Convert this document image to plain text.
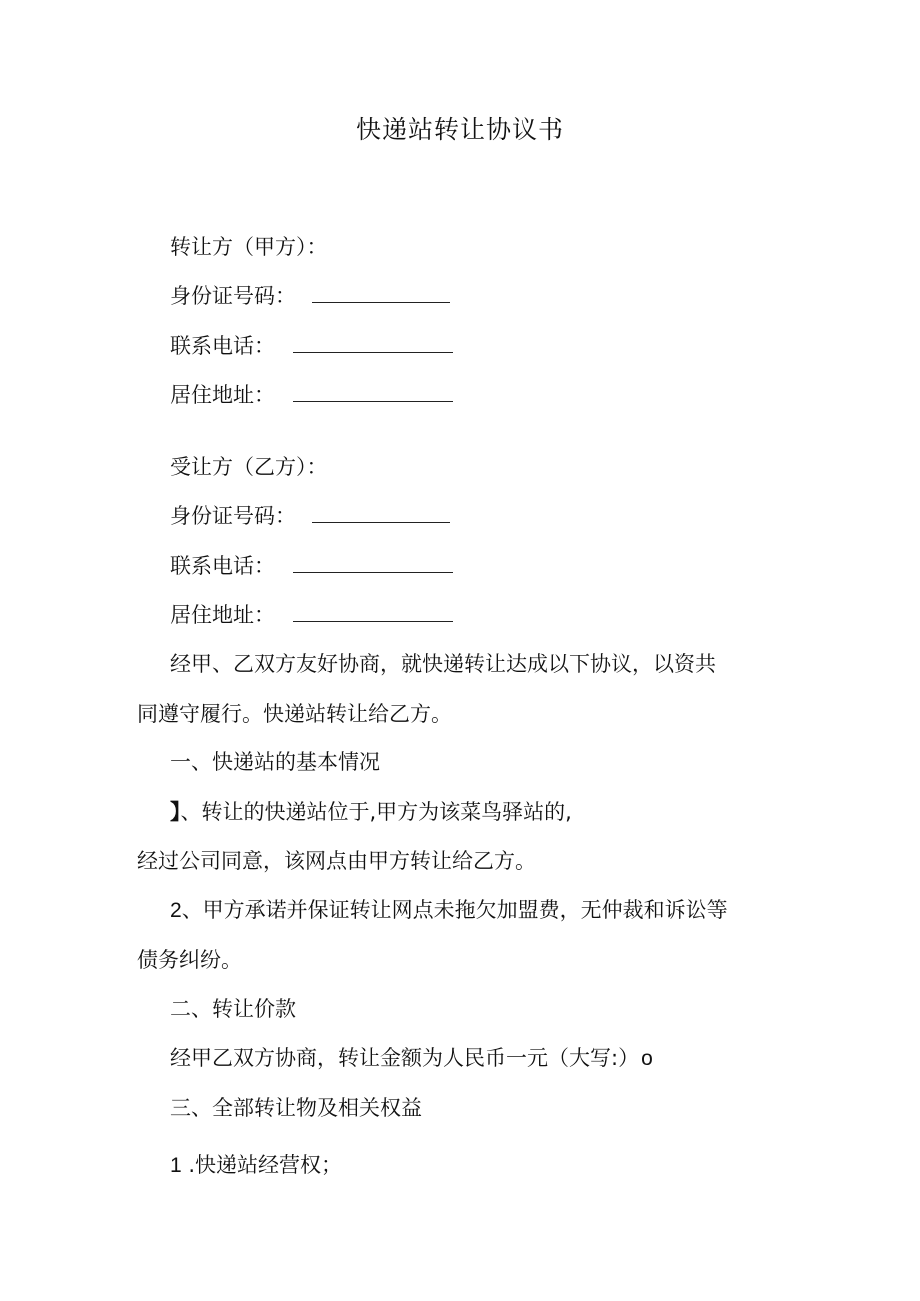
快递站转让协议书
转让方（甲方）：
身份证号码：
联系电话：
居住地址：
受让方（乙方）：
身份证号码：
联系电话：
居住地址：
经甲、乙双方友好协商，就快递转让达成以下协议，以资共
同遵守履行。快递站转让给乙方。
一、快递站的基本情况
】、转让的快递站位于,甲方为该菜鸟驿站的,
经过公司同意，该网点由甲方转让给乙方。
2、甲方承诺并保证转让网点未拖欠加盟费，无仲裁和诉讼等
债务纠纷。
二、转让价款
经甲乙双方协商，转让金额为人民币一元（大写:）o
三、全部转让物及相关权益
1 .快递站经营权；
